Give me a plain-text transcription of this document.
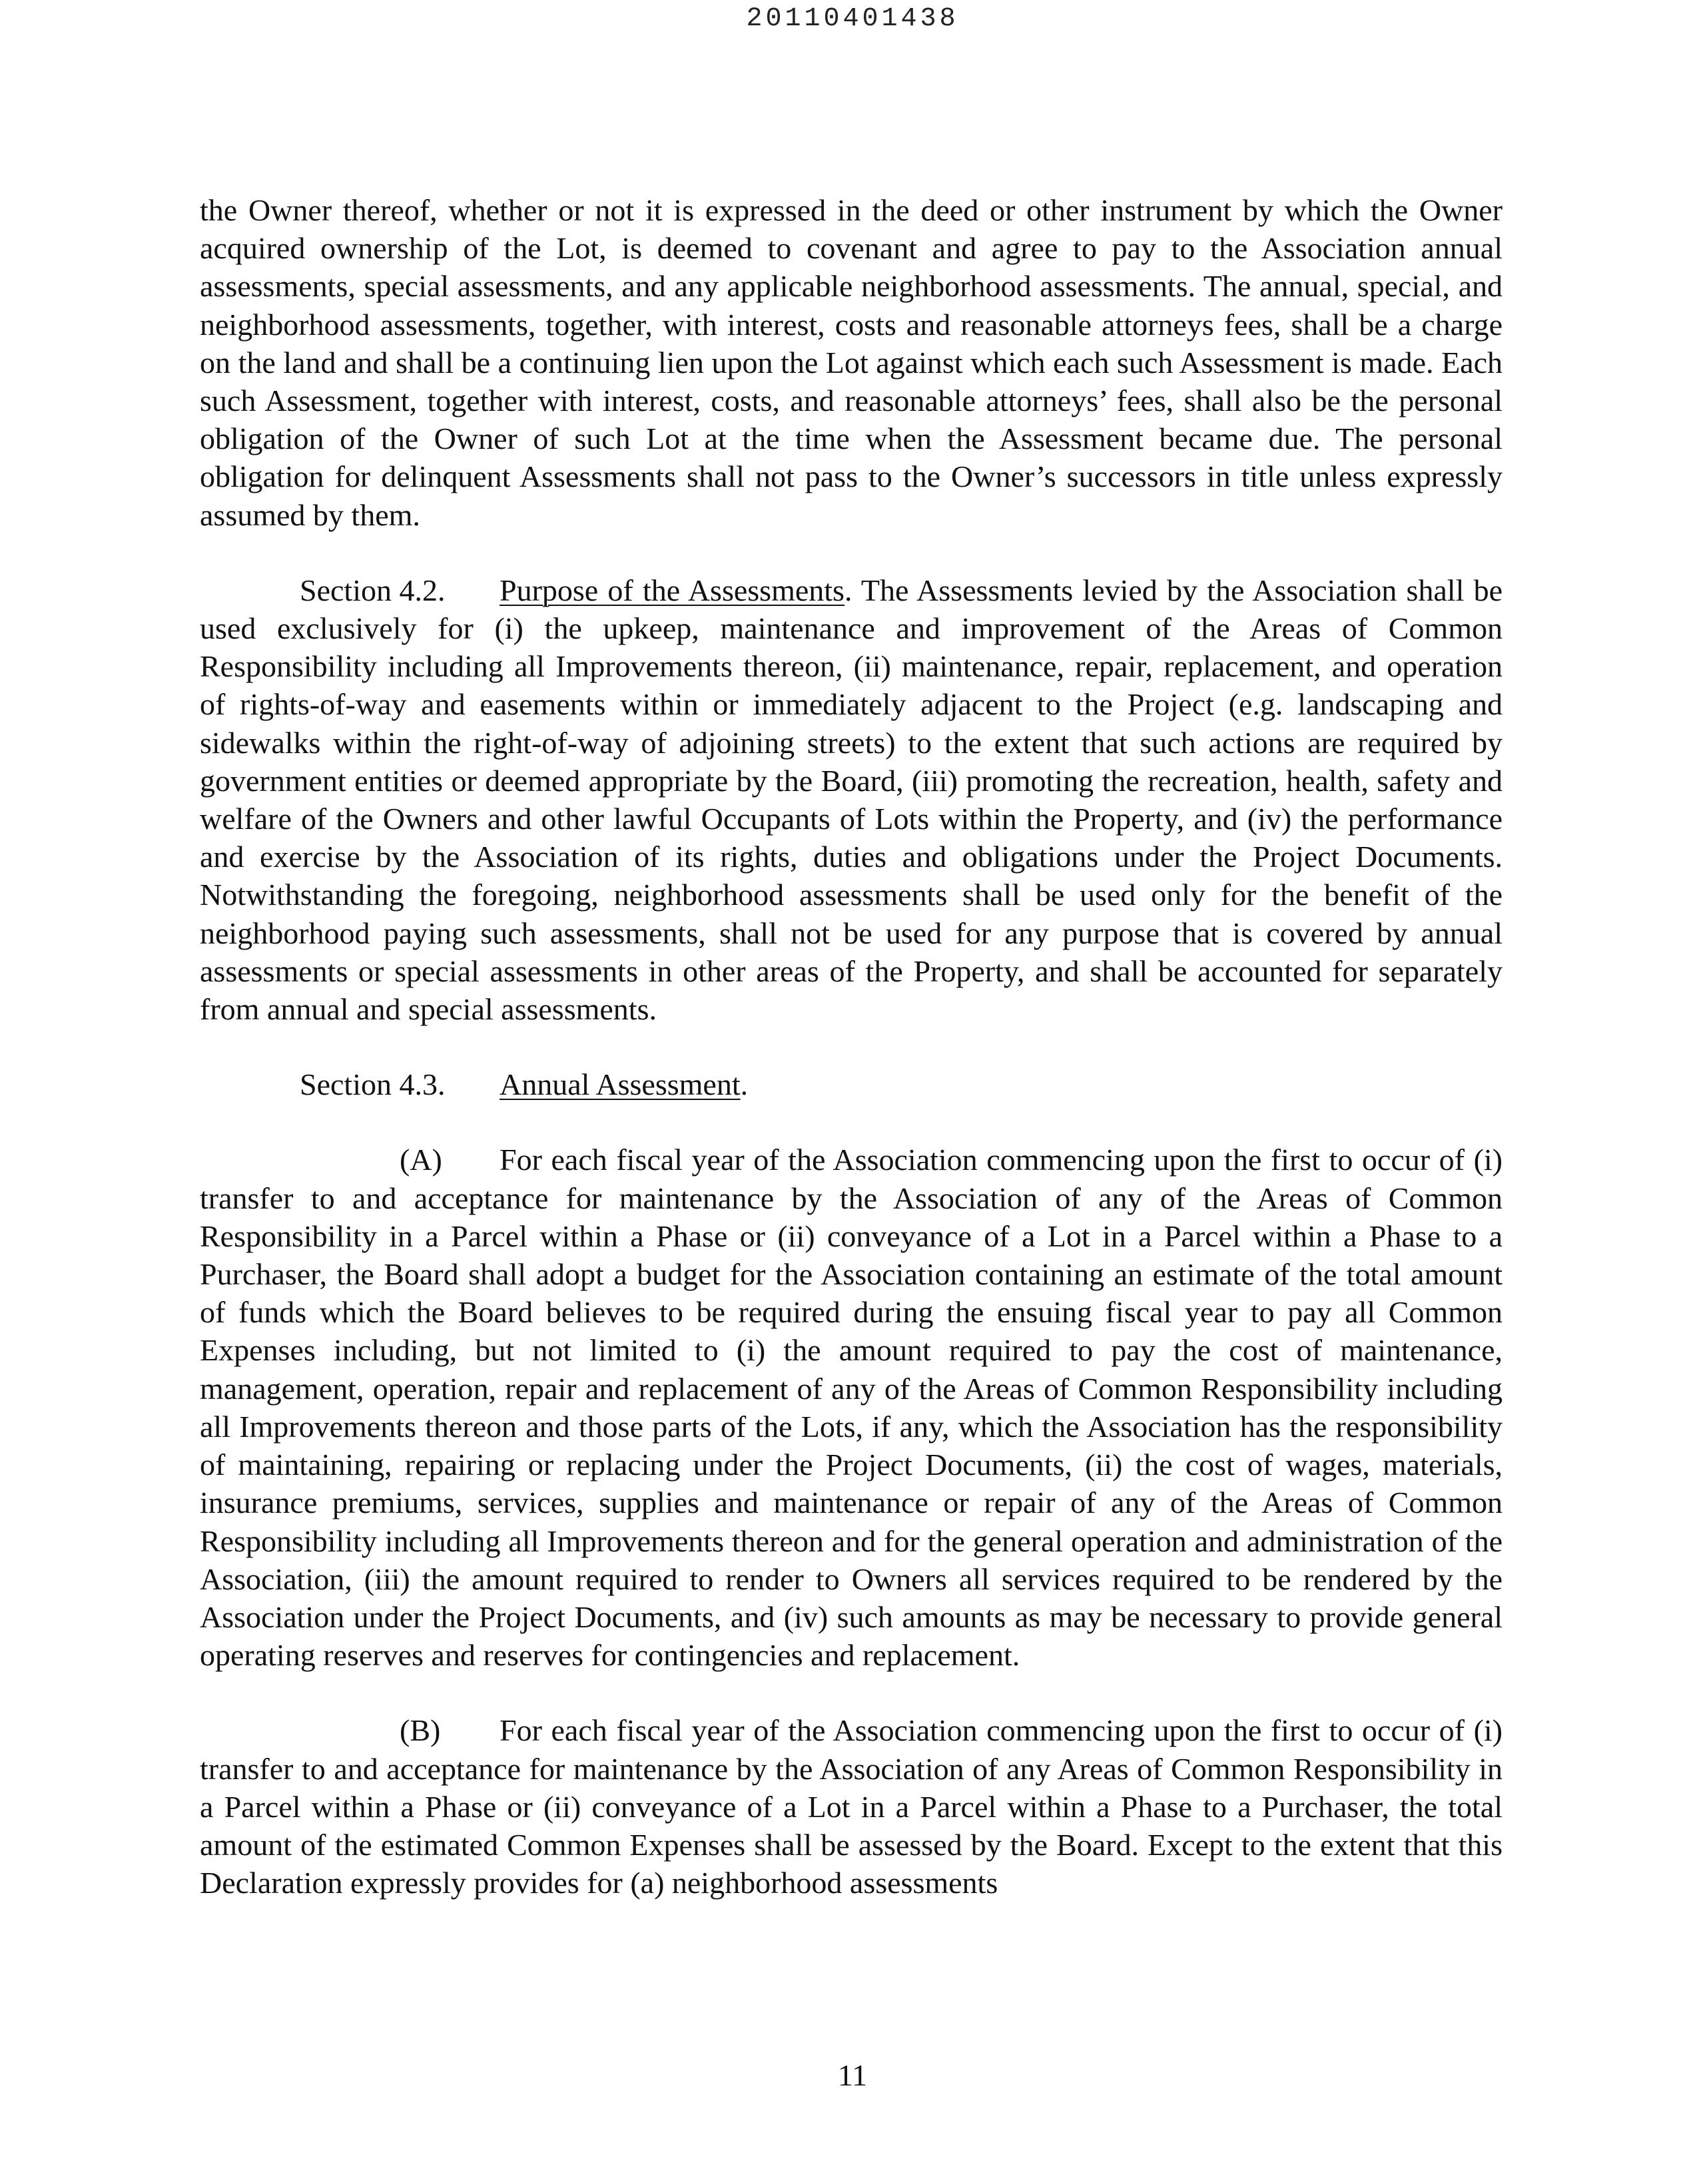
20110401438

the Owner thereof, whether or not it is expressed in the deed or other instrument by which the Owner acquired ownership of the Lot, is deemed to covenant and agree to pay to the Association annual assessments, special assessments, and any applicable neighborhood assessments. The annual, special, and neighborhood assessments, together, with interest, costs and reasonable attorneys fees, shall be a charge on the land and shall be a continuing lien upon the Lot against which each such Assessment is made. Each such Assessment, together with interest, costs, and reasonable attorneys’ fees, shall also be the personal obligation of the Owner of such Lot at the time when the Assessment became due. The personal obligation for delinquent Assessments shall not pass to the Owner’s successors in title unless expressly assumed by them.

Section 4.2. Purpose of the Assessments. The Assessments levied by the Association shall be used exclusively for (i) the upkeep, maintenance and improvement of the Areas of Common Responsibility including all Improvements thereon, (ii) maintenance, repair, replacement, and operation of rights-of-way and easements within or immediately adjacent to the Project (e.g. landscaping and sidewalks within the right-of-way of adjoining streets) to the extent that such actions are required by government entities or deemed appropriate by the Board, (iii) promoting the recreation, health, safety and welfare of the Owners and other lawful Occupants of Lots within the Property, and (iv) the performance and exercise by the Association of its rights, duties and obligations under the Project Documents. Notwithstanding the foregoing, neighborhood assessments shall be used only for the benefit of the neighborhood paying such assessments, shall not be used for any purpose that is covered by annual assessments or special assessments in other areas of the Property, and shall be accounted for separately from annual and special assessments.

Section 4.3. Annual Assessment.

(A) For each fiscal year of the Association commencing upon the first to occur of (i) transfer to and acceptance for maintenance by the Association of any of the Areas of Common Responsibility in a Parcel within a Phase or (ii) conveyance of a Lot in a Parcel within a Phase to a Purchaser, the Board shall adopt a budget for the Association containing an estimate of the total amount of funds which the Board believes to be required during the ensuing fiscal year to pay all Common Expenses including, but not limited to (i) the amount required to pay the cost of maintenance, management, operation, repair and replacement of any of the Areas of Common Responsibility including all Improvements thereon and those parts of the Lots, if any, which the Association has the responsibility of maintaining, repairing or replacing under the Project Documents, (ii) the cost of wages, materials, insurance premiums, services, supplies and maintenance or repair of any of the Areas of Common Responsibility including all Improvements thereon and for the general operation and administration of the Association, (iii) the amount required to render to Owners all services required to be rendered by the Association under the Project Documents, and (iv) such amounts as may be necessary to provide general operating reserves and reserves for contingencies and replacement.

(B) For each fiscal year of the Association commencing upon the first to occur of (i) transfer to and acceptance for maintenance by the Association of any Areas of Common Responsibility in a Parcel within a Phase or (ii) conveyance of a Lot in a Parcel within a Phase to a Purchaser, the total amount of the estimated Common Expenses shall be assessed by the Board. Except to the extent that this Declaration expressly provides for (a) neighborhood assessments

11
